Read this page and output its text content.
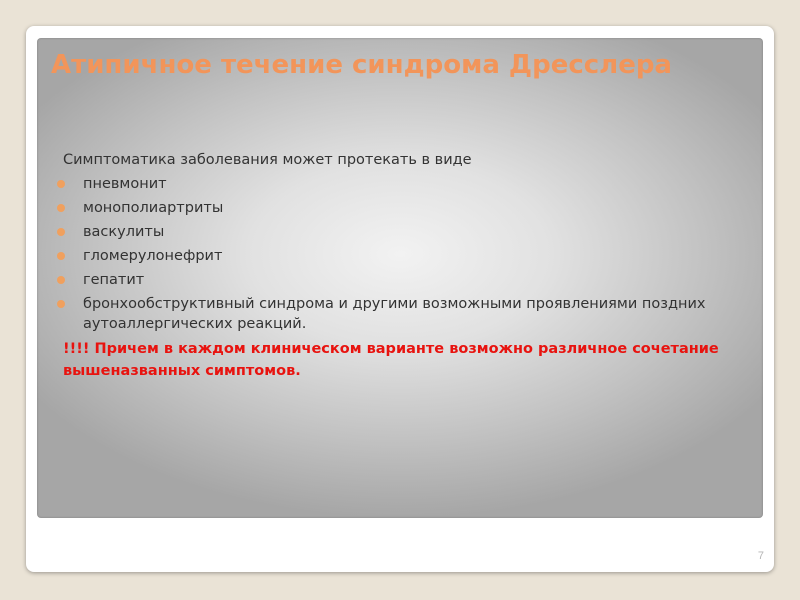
Атипичное течение синдрома Дресслера

Симптоматика заболевания может протекать в виде

пневмонит
монополиартриты
васкулиты
гломерулонефрит
гепатит
бронхообструктивный синдрома и другими возможными проявлениями поздних аутоаллергических реакций.

!!!! Причем в каждом клиническом варианте возможно различное сочетание вышеназванных симптомов.

7
